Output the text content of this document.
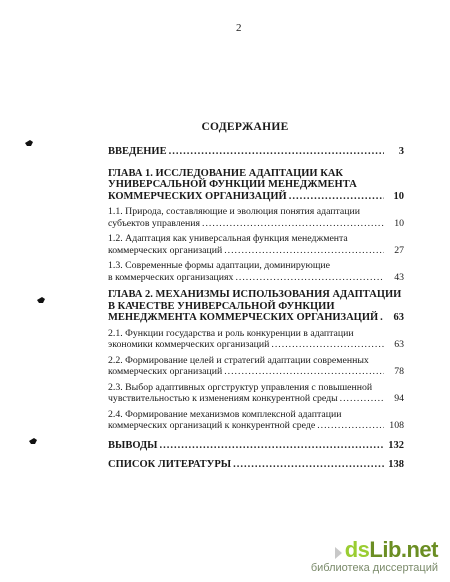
2
СОДЕРЖАНИЕ
ВВЕДЕНИЕ .....	3
ГЛАВА 1. ИССЛЕДОВАНИЕ АДАПТАЦИИ КАК
УНИВЕРСАЛЬНОЙ ФУНКЦИИ МЕНЕДЖМЕНТА
КОММЕРЧЕСКИХ ОРГАНИЗАЦИЙ .....	10
1.1. Природа, составляющие и эволюция понятия адаптации
субъектов управления .....	10
1.2. Адаптация как универсальная функция менеджмента
коммерческих организаций .....	27
1.3. Современные формы адаптации, доминирующие
в коммерческих организациях .....	43
ГЛАВА 2. МЕХАНИЗМЫ ИСПОЛЬЗОВАНИЯ АДАПТАЦИИ
В КАЧЕСТВЕ УНИВЕРСАЛЬНОЙ ФУНКЦИИ
МЕНЕДЖМЕНТА КОММЕРЧЕСКИХ ОРГАНИЗАЦИЙ .....	63
2.1. Функции государства и роль конкуренции в адаптации
экономики коммерческих организаций .....	63
2.2. Формирование целей и стратегий адаптации современных
коммерческих организаций .....	78
2.3. Выбор адаптивных оргструктур управления с повышенной
чувствительностью к изменениям конкурентной среды .....	94
2.4. Формирование механизмов комплексной адаптации
коммерческих организаций к конкурентной среде .....	108
ВЫВОДЫ .....	132
СПИСОК ЛИТЕРАТУРЫ .....	138
dsLib.net
библиотека диссертаций
